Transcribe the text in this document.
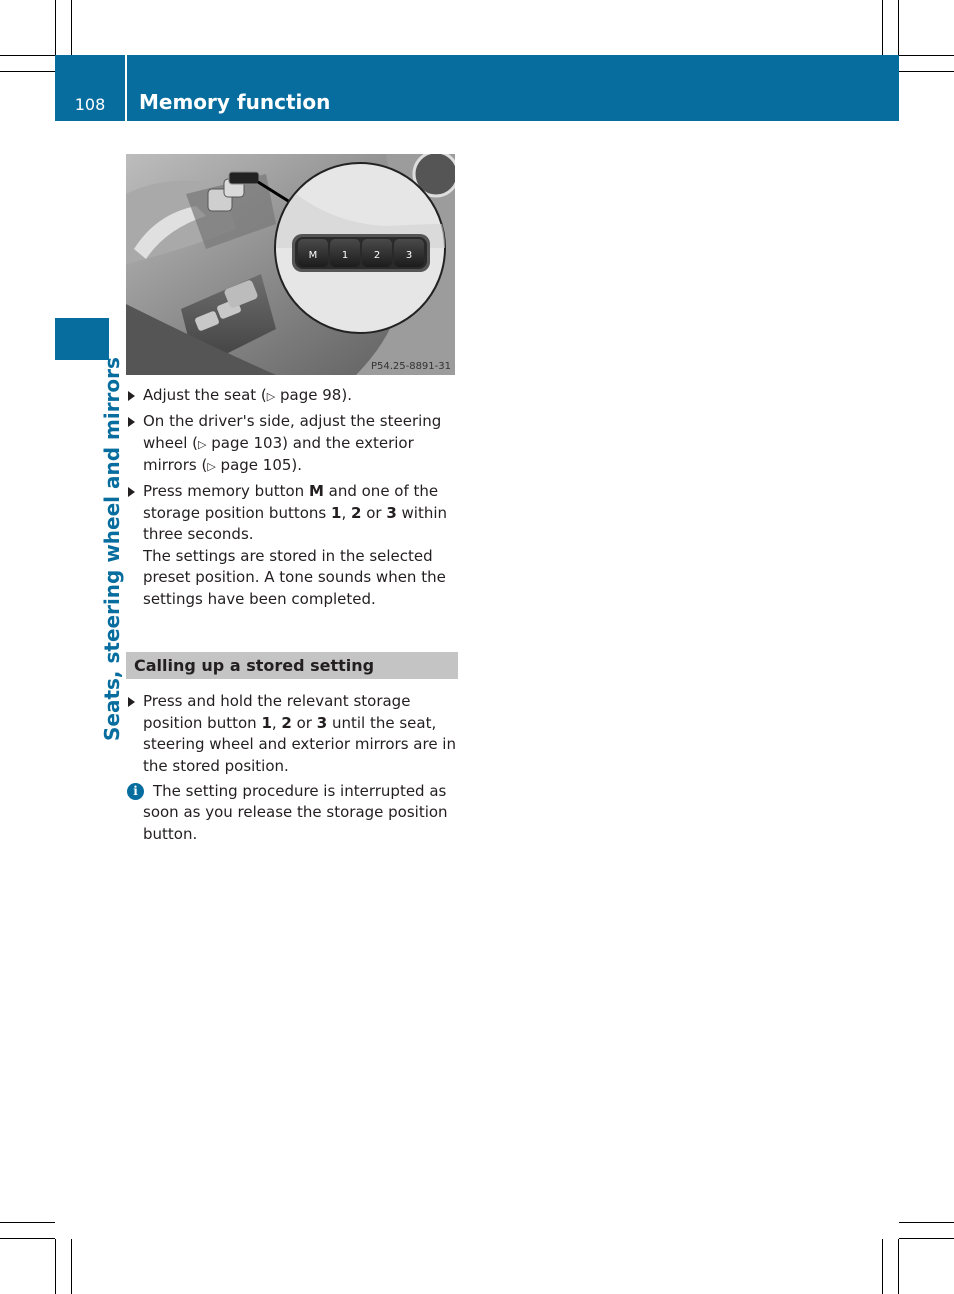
108	Memory function
Seats, steering wheel and mirrors
M 1	2	3
P54.25-8891-31
Adjust the seat (▷ page 98).
On the driver's side, adjust the steering wheel (▷ page 103) and the exterior mirrors (▷ page 105).
Press memory button M and one of the storage position buttons 1, 2 or 3 within three seconds.
The settings are stored in the selected preset position. A tone sounds when the settings have been completed.
Calling up a stored setting
Press and hold the relevant storage position button 1, 2 or 3 until the seat, steering wheel and exterior mirrors are in the stored position.
i	The setting procedure is interrupted as soon as you release the storage position button.
